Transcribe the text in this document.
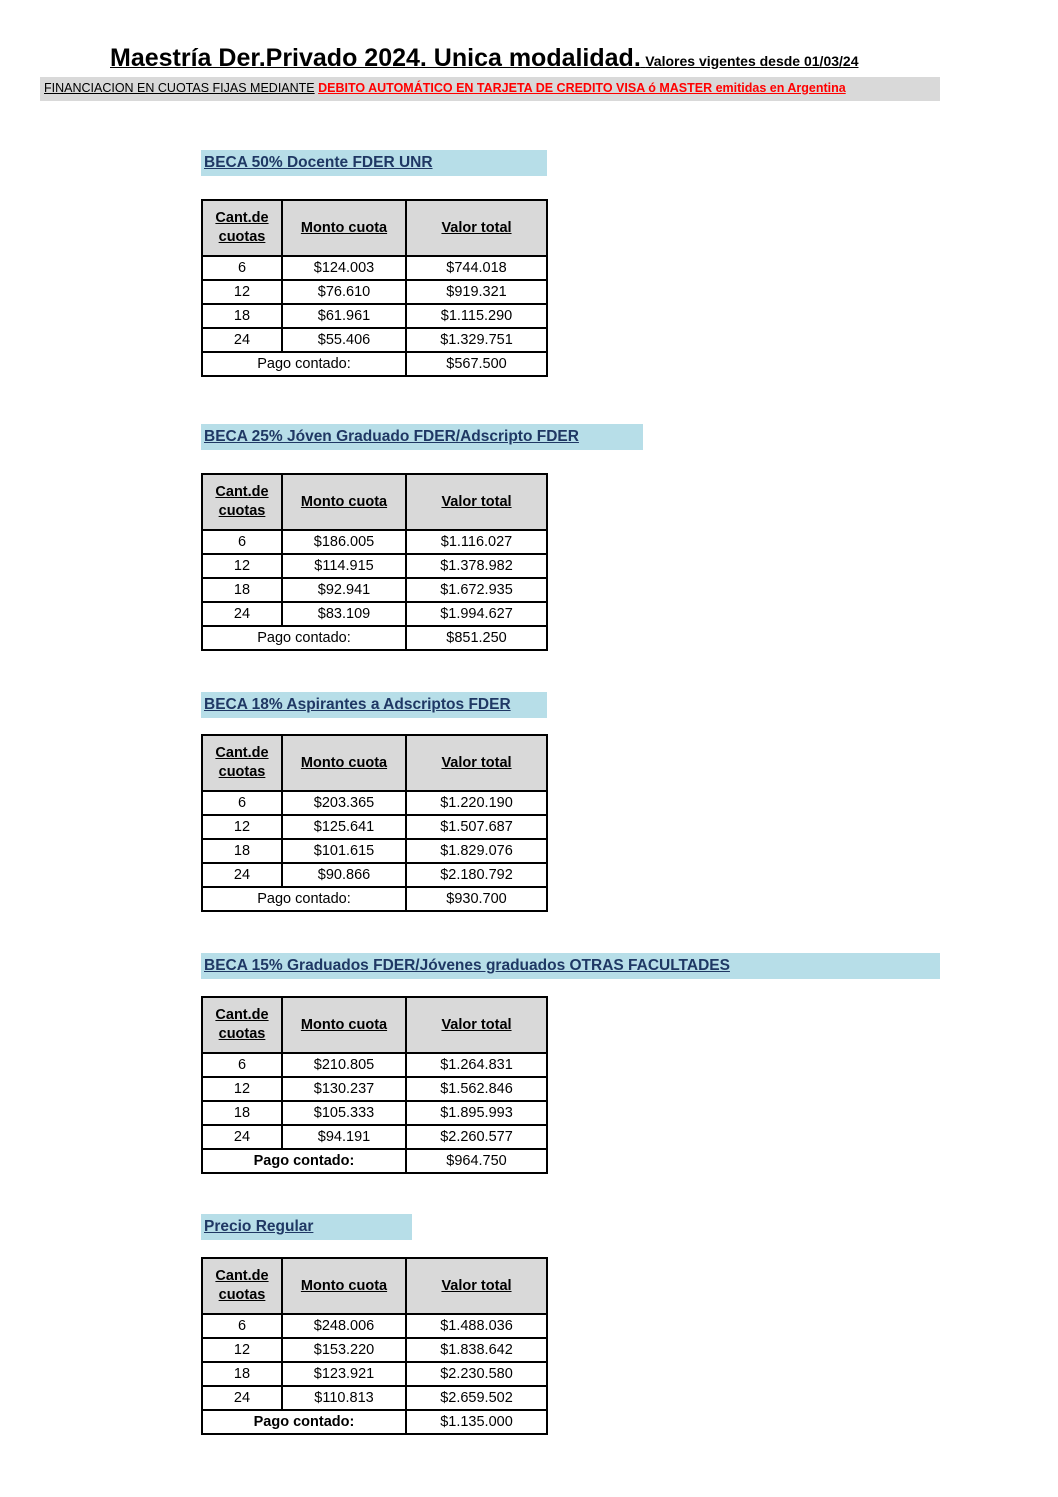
Maestría Der.Privado 2024. Unica modalidad. Valores vigentes desde 01/03/24
FINANCIACION EN CUOTAS FIJAS MEDIANTE DEBITO AUTOMÁTICO EN TARJETA DE CREDITO VISA ó MASTER emitidas en Argentina
BECA 50% Docente FDER UNR
Cant.de
cuotas	Monto cuota	Valor total
6	$124.003	$744.018
12	$76.610	$919.321
18	$61.961	$1.115.290
24	$55.406	$1.329.751
Pago contado:		$567.500
BECA 25% Jóven Graduado FDER/Adscripto FDER
Cant.de
cuotas	Monto cuota	Valor total
6	$186.005	$1.116.027
12	$114.915	$1.378.982
18	$92.941	$1.672.935
24	$83.109	$1.994.627
Pago contado:		$851.250
BECA 18% Aspirantes a Adscriptos FDER
Cant.de
cuotas	Monto cuota	Valor total
6	$203.365	$1.220.190
12	$125.641	$1.507.687
18	$101.615	$1.829.076
24	$90.866	$2.180.792
Pago contado:		$930.700
BECA 15% Graduados FDER/Jóvenes graduados OTRAS FACULTADES
Cant.de
cuotas	Monto cuota	Valor total
6	$210.805	$1.264.831
12	$130.237	$1.562.846
18	$105.333	$1.895.993
24	$94.191	$2.260.577
Pago contado:		$964.750
Precio Regular
Cant.de
cuotas	Monto cuota	Valor total
6	$248.006	$1.488.036
12	$153.220	$1.838.642
18	$123.921	$2.230.580
24	$110.813	$2.659.502
Pago contado:		$1.135.000
